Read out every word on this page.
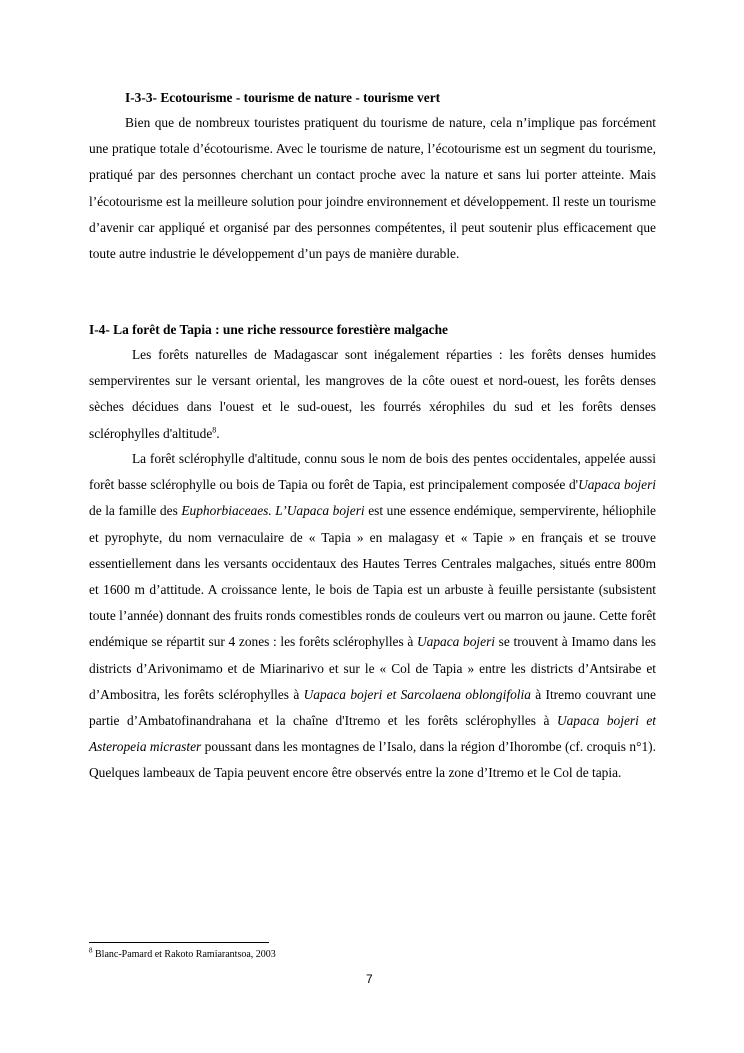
I-3-3- Ecotourisme - tourisme de nature - tourisme vert

Bien que de nombreux touristes pratiquent du tourisme de nature, cela n’implique pas forcément une pratique totale d’écotourisme. Avec le tourisme de nature, l’écotourisme est un segment du tourisme, pratiqué par des personnes cherchant un contact proche avec la nature et sans lui porter atteinte. Mais l’écotourisme est la meilleure solution pour joindre environnement et développement. Il reste un tourisme d’avenir car appliqué et organisé par des personnes compétentes, il peut soutenir plus efficacement que toute autre industrie le développement d’un pays de manière durable.

I-4- La forêt de Tapia : une riche ressource forestière malgache

Les forêts naturelles de Madagascar sont inégalement réparties : les forêts denses humides sempervirentes sur le versant oriental, les mangroves de la côte ouest et nord-ouest, les forêts denses sèches décidues dans l'ouest et le sud-ouest, les fourrés xérophiles du sud et les forêts denses sclérophylles d'altitude$^8$.

La forêt sclérophylle d'altitude, connu sous le nom de bois des pentes occidentales, appelée aussi forêt basse sclérophylle ou bois de Tapia ou forêt de Tapia, est principalement composée d'Uapaca bojeri de la famille des Euphorbiaceaes. L’Uapaca bojeri est une essence endémique, sempervirente, héliophile et pyrophyte, du nom vernaculaire de « Tapia » en malagasy et « Tapie » en français et se trouve essentiellement dans les versants occidentaux des Hautes Terres Centrales malgaches, situés entre 800m et 1600 m d’attitude. A croissance lente, le bois de Tapia est un arbuste à feuille persistante (subsistent toute l’année) donnant des fruits ronds comestibles ronds de couleurs vert ou marron ou jaune. Cette forêt endémique se répartit sur 4 zones : les forêts sclérophylles à Uapaca bojeri se trouvent à Imamo dans les districts d’Arivonimamo et de Miarinarivo et sur le « Col de Tapia » entre les districts d’Antsirabe et d’Ambositra, les forêts sclérophylles à Uapaca bojeri et Sarcolaena oblongifolia à Itremo couvrant une partie d’Ambatofinandrahana et la chaîne d'Itremo et les forêts sclérophylles à Uapaca bojeri et Asteropeia micraster poussant dans les montagnes de l’Isalo, dans la région d’Ihorombe (cf. croquis n°1). Quelques lambeaux de Tapia peuvent encore être observés entre la zone d’Itremo et le Col de tapia.

$^8$ Blanc-Pamard et Rakoto Ramiarantsoa, 2003
7
